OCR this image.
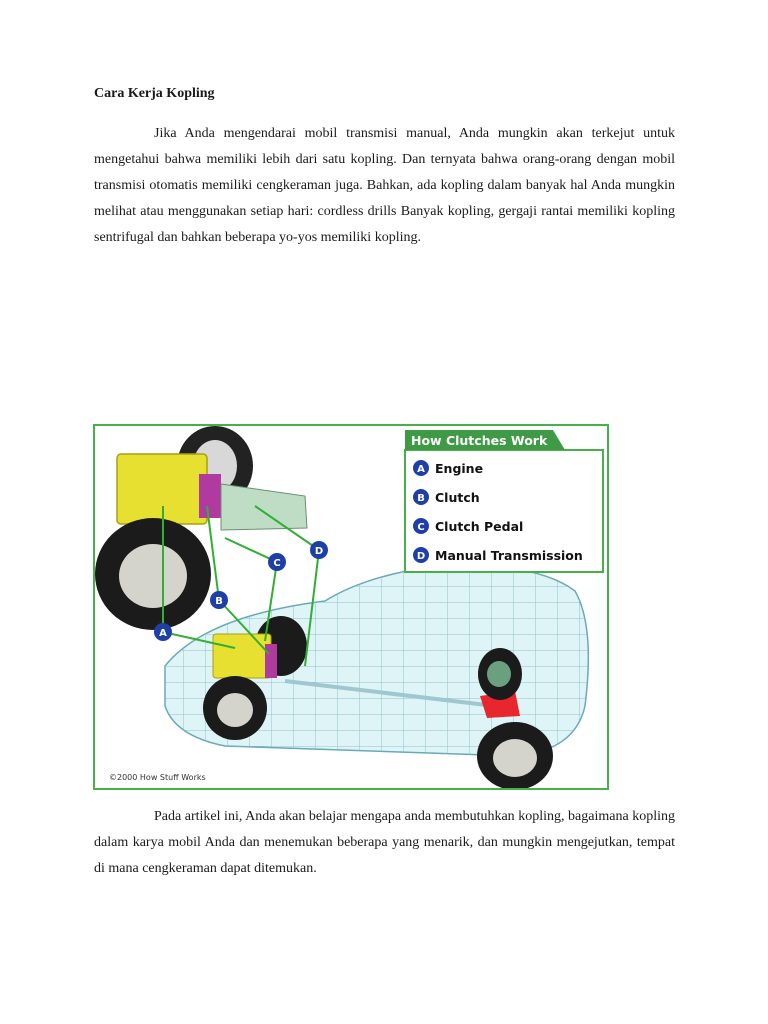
Cara Kerja Kopling

Jika Anda mengendarai mobil transmisi manual, Anda mungkin akan terkejut untuk mengetahui bahwa memiliki lebih dari satu kopling. Dan ternyata bahwa orang-orang dengan mobil transmisi otomatis memiliki cengkeraman juga. Bahkan, ada kopling dalam banyak hal Anda mungkin melihat atau menggunakan setiap hari: cordless drills Banyak kopling, gergaji rantai memiliki kopling sentrifugal dan bahkan beberapa yo-yos memiliki kopling.

A
B
C
D
How Clutches Work
A Engine
B Clutch
C Clutch Pedal
D Manual Transmission
©2000 How Stuff Works

Pada artikel ini, Anda akan belajar mengapa anda membutuhkan kopling, bagaimana kopling dalam karya mobil Anda dan menemukan beberapa yang menarik, dan mungkin mengejutkan, tempat di mana cengkeraman dapat ditemukan.
